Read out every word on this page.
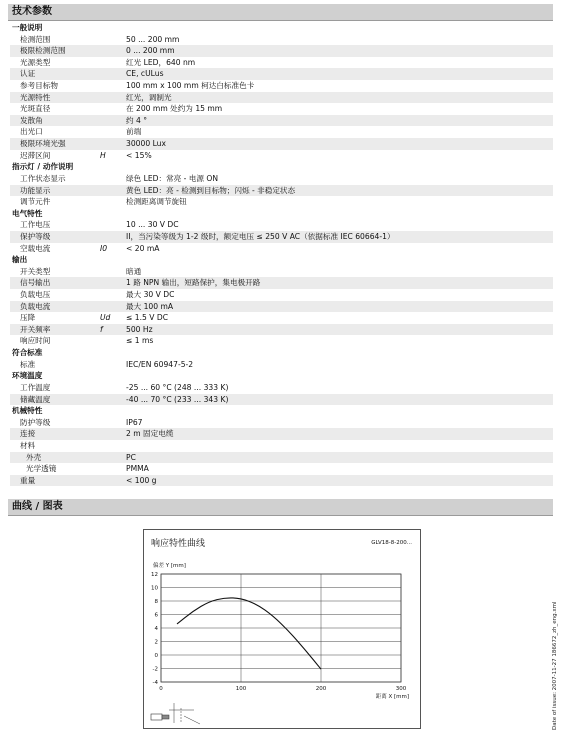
技术参数
一般说明
检测范围	50 ... 200 mm
极限检测范围	0 ... 200 mm
光源类型	红光 LED，640 nm
认证	CE, cULus
参考目标物	100 mm x 100 mm 柯达白标准色卡
光源特性	红光，调制光
光斑直径	在 200 mm 处约为 15 mm
发散角	约 4 °
出光口	前端
极限环境光强	30000 Lux
迟滞区间	H	< 15%
指示灯 / 动作说明
工作状态显示	绿色 LED：常亮 - 电源 ON
功能显示	黄色 LED：亮 - 检测到目标物；闪烁 - 非稳定状态
调节元件	检测距离调节旋钮
电气特性
工作电压	10 ... 30 V DC
保护等级	II，当污染等级为 1-2 级时，额定电压 ≤ 250 V AC（依据标准 IEC 60664-1）
空载电流	I0 < 20 mA
输出
开关类型	暗通
信号输出	1 路 NPN 输出，短路保护，集电极开路
负载电压	最大 30 V DC
负载电流	最大 100 mA
压降	Ud ≤ 1.5 V DC
开关频率	f	500 Hz
响应时间	≤ 1 ms
符合标准
标准	IEC/EN 60947-5-2
环境温度
工作温度	-25 ... 60 °C (248 ... 333 K)
储藏温度	-40 ... 70 °C (233 ... 343 K)
机械特性
防护等级	IP67
连接	2 m 固定电缆
材料
外壳	PC
光学透镜	PMMA
重量	< 100 g
曲线 / 图表
响应特性曲线	GLV18-8-200...
偏差 Y [mm]
-4
-2
0
2
4
6
8
10
12
0	100	200	300
距离 X [mm]	Date of issue: 2007-11-27 186672_zh_eng.xml
